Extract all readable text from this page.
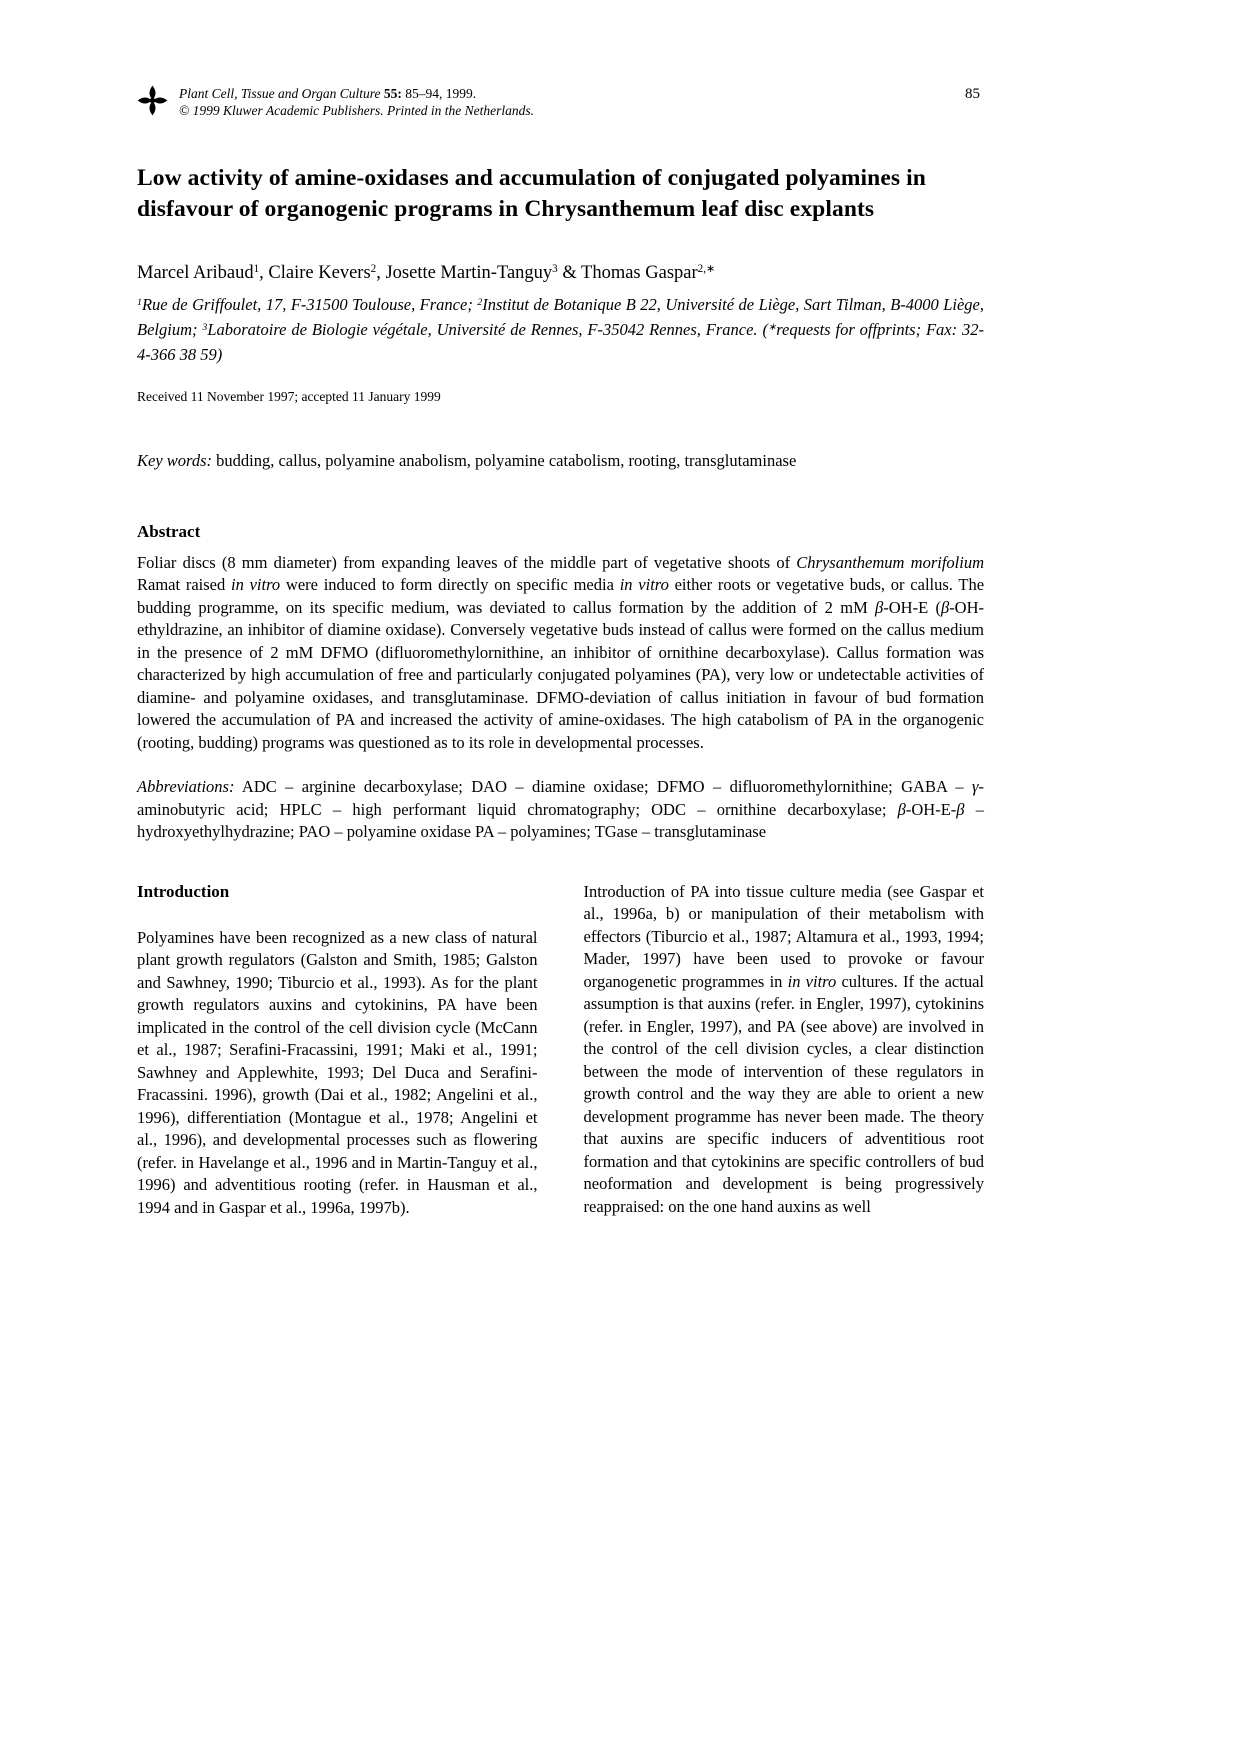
Plant Cell, Tissue and Organ Culture 55: 85–94, 1999.
© 1999 Kluwer Academic Publishers. Printed in the Netherlands.
85
Low activity of amine-oxidases and accumulation of conjugated polyamines in disfavour of organogenic programs in Chrysanthemum leaf disc explants
Marcel Aribaud$^1$, Claire Kevers$^2$, Josette Martin-Tanguy$^3$ & Thomas Gaspar$^{2,∗}$

$^1$Rue de Griffoulet, 17, F-31500 Toulouse, France; $^2$Institut de Botanique B 22, Université de Liège, Sart Tilman, B-4000 Liège, Belgium; $^3$Laboratoire de Biologie végétale, Université de Rennes, F-35042 Rennes, France. (∗requests for offprints; Fax: 32-4-366 38 59)

Received 11 November 1997; accepted 11 January 1999
Key words: budding, callus, polyamine anabolism, polyamine catabolism, rooting, transglutaminase
Abstract

Foliar discs (8 mm diameter) from expanding leaves of the middle part of vegetative shoots of Chrysanthemum morifolium Ramat raised in vitro were induced to form directly on specific media in vitro either roots or vegetative buds, or callus. The budding programme, on its specific medium, was deviated to callus formation by the addition of 2 mM β-OH-E (β-OH-ethyldrazine, an inhibitor of diamine oxidase). Conversely vegetative buds instead of callus were formed on the callus medium in the presence of 2 mM DFMO (difluoromethylornithine, an inhibitor of ornithine decarboxylase). Callus formation was characterized by high accumulation of free and particularly conjugated polyamines (PA), very low or undetectable activities of diamine- and polyamine oxidases, and transglutaminase. DFMO-deviation of callus initiation in favour of bud formation lowered the accumulation of PA and increased the activity of amine-oxidases. The high catabolism of PA in the organogenic (rooting, budding) programs was questioned as to its role in developmental processes.

Abbreviations: ADC – arginine decarboxylase; DAO – diamine oxidase; DFMO – difluoromethylornithine; GABA – γ-aminobutyric acid; HPLC – high performant liquid chromatography; ODC – ornithine decarboxylase; β-OH-E-β – hydroxyethylhydrazine; PAO – polyamine oxidase PA – polyamines; TGase – transglutaminase

Introduction

Polyamines have been recognized as a new class of natural plant growth regulators (Galston and Smith, 1985; Galston and Sawhney, 1990; Tiburcio et al., 1993). As for the plant growth regulators auxins and cytokinins, PA have been implicated in the control of the cell division cycle (McCann et al., 1987; Serafini-Fracassini, 1991; Maki et al., 1991; Sawhney and Applewhite, 1993; Del Duca and Serafini-Fracassini. 1996), growth (Dai et al., 1982; Angelini et al., 1996), differentiation (Montague et al., 1978; Angelini et al., 1996), and developmental processes such as flowering (refer. in Havelange et al., 1996 and in Martin-Tanguy et al., 1996) and adventitious rooting (refer. in Hausman et al., 1994 and in Gaspar et al., 1996a, 1997b).

Introduction of PA into tissue culture media (see Gaspar et al., 1996a, b) or manipulation of their metabolism with effectors (Tiburcio et al., 1987; Altamura et al., 1993, 1994; Mader, 1997) have been used to provoke or favour organogenetic programmes in in vitro cultures. If the actual assumption is that auxins (refer. in Engler, 1997), cytokinins (refer. in Engler, 1997), and PA (see above) are involved in the control of the cell division cycles, a clear distinction between the mode of intervention of these regulators in growth control and the way they are able to orient a new development programme has never been made. The theory that auxins are specific inducers of adventitious root formation and that cytokinins are specific controllers of bud neoformation and development is being progressively reappraised: on the one hand auxins as well
